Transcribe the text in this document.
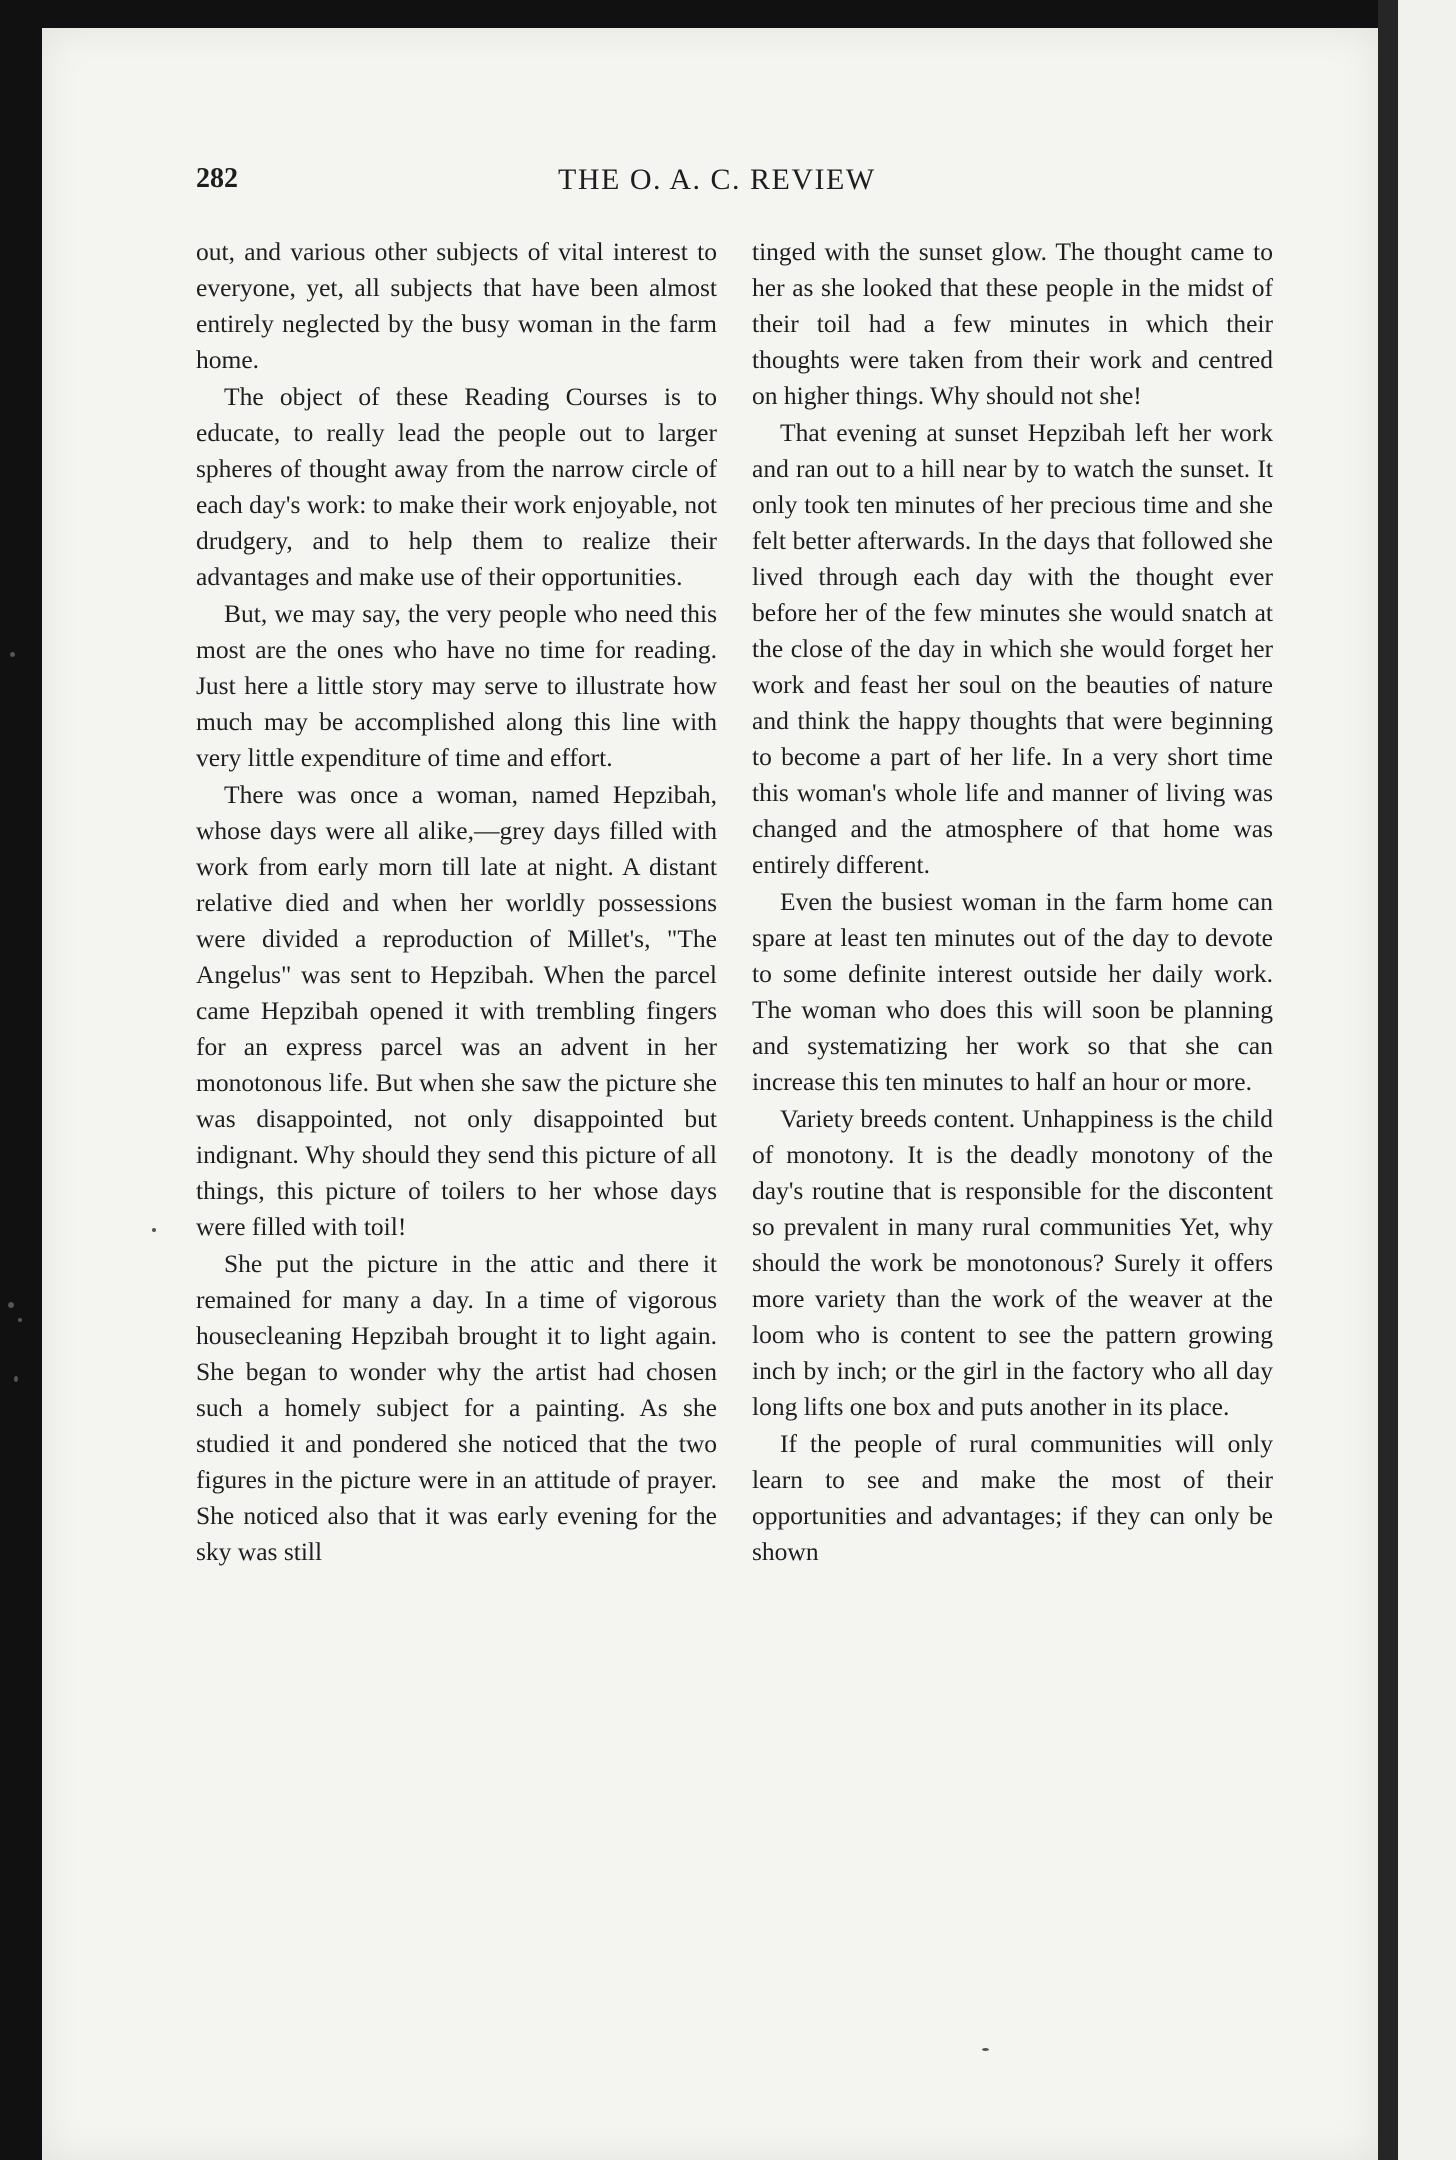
282	THE O. A. C. REVIEW

out, and various other subjects of vital interest to everyone, yet, all subjects that have been almost entirely neglected by the busy woman in the farm home.

The object of these Reading Courses is to educate, to really lead the people out to larger spheres of thought away from the narrow circle of each day's work: to make their work enjoyable, not drudgery, and to help them to realize their advantages and make use of their opportunities.

But, we may say, the very people who need this most are the ones who have no time for reading. Just here a little story may serve to illustrate how much may be accomplished along this line with very little expenditure of time and effort.

There was once a woman, named Hepzibah, whose days were all alike,—grey days filled with work from early morn till late at night. A distant relative died and when her worldly possessions were divided a reproduction of Millet's, "The Angelus" was sent to Hepzibah. When the parcel came Hepzibah opened it with trembling fingers for an express parcel was an advent in her monotonous life. But when she saw the picture she was disappointed, not only disappointed but indignant. Why should they send this picture of all things, this picture of toilers to her whose days were filled with toil!

She put the picture in the attic and there it remained for many a day. In a time of vigorous housecleaning Hepzibah brought it to light again. She began to wonder why the artist had chosen such a homely subject for a painting. As she studied it and pondered she noticed that the two figures in the picture were in an attitude of prayer. She noticed also that it was early evening for the sky was still

tinged with the sunset glow. The thought came to her as she looked that these people in the midst of their toil had a few minutes in which their thoughts were taken from their work and centred on higher things. Why should not she!

That evening at sunset Hepzibah left her work and ran out to a hill near by to watch the sunset. It only took ten minutes of her precious time and she felt better afterwards. In the days that followed she lived through each day with the thought ever before her of the few minutes she would snatch at the close of the day in which she would forget her work and feast her soul on the beauties of nature and think the happy thoughts that were beginning to become a part of her life. In a very short time this woman's whole life and manner of living was changed and the atmosphere of that home was entirely different.

Even the busiest woman in the farm home can spare at least ten minutes out of the day to devote to some definite interest outside her daily work. The woman who does this will soon be planning and systematizing her work so that she can increase this ten minutes to half an hour or more.

Variety breeds content. Unhappiness is the child of monotony. It is the deadly monotony of the day's routine that is responsible for the discontent so prevalent in many rural communities Yet, why should the work be monotonous? Surely it offers more variety than the work of the weaver at the loom who is content to see the pattern growing inch by inch; or the girl in the factory who all day long lifts one box and puts another in its place.

If the people of rural communities will only learn to see and make the most of their opportunities and advantages; if they can only be shown
